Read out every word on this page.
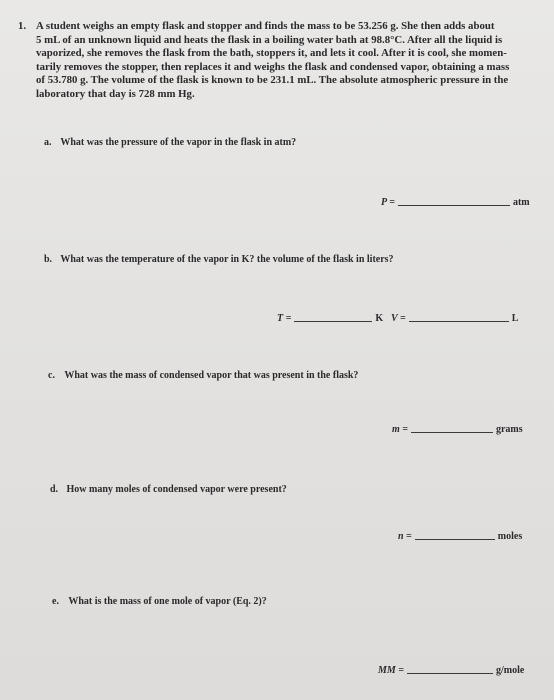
1. A student weighs an empty flask and stopper and finds the mass to be 53.256 g. She then adds about
5 mL of an unknown liquid and heats the flask in a boiling water bath at 98.8°C. After all the liquid is
vaporized, she removes the flask from the bath, stoppers it, and lets it cool. After it is cool, she momen-
tarily removes the stopper, then replaces it and weighs the flask and condensed vapor, obtaining a mass
of 53.780 g. The volume of the flask is known to be 231.1 mL. The absolute atmospheric pressure in the
laboratory that day is 728 mm Hg.
a. What was the pressure of the vapor in the flask in atm?
P =	atm
b. What was the temperature of the vapor in K? the volume of the flask in liters?
T =	K V =	L
c. What was the mass of condensed vapor that was present in the flask?
m =	grams
d. How many moles of condensed vapor were present?
n =	moles
e. What is the mass of one mole of vapor (Eq. 2)?
MM =	g/mole
